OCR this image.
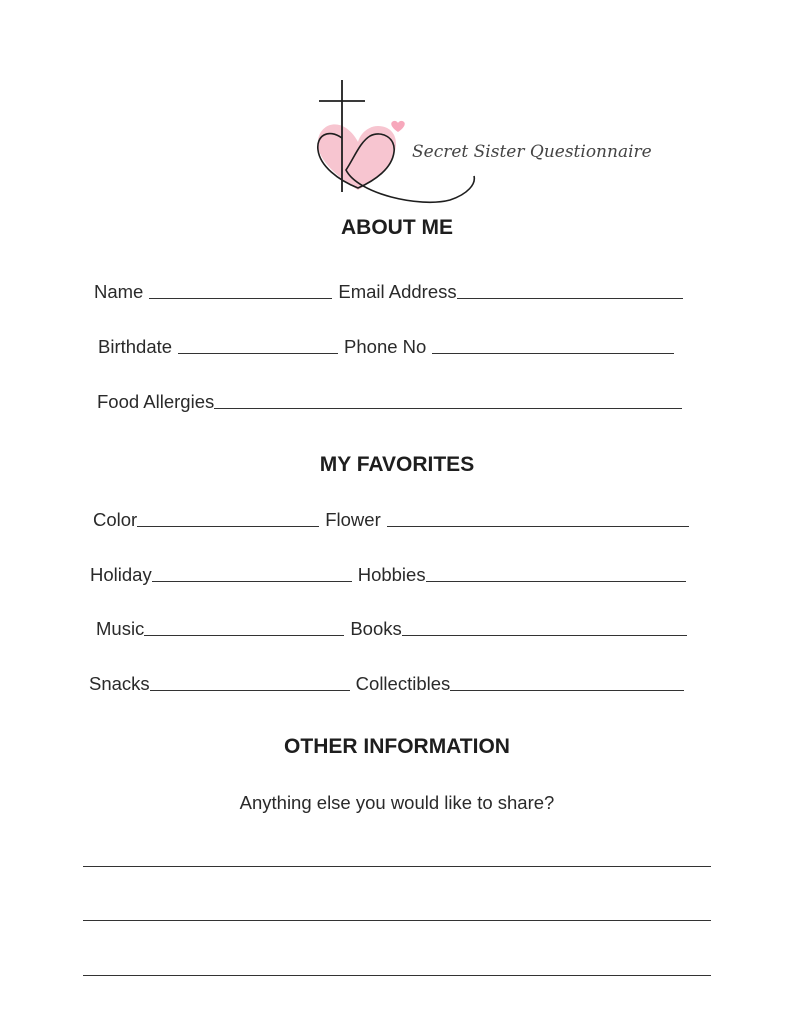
Secret Sister Questionnaire
ABOUT ME
Name	Email Address
Birthdate	Phone No
Food Allergies
MY FAVORITES
Color	Flower
Holiday	Hobbies
Music	Books
Snacks	Collectibles
OTHER INFORMATION
Anything else you would like to share?
